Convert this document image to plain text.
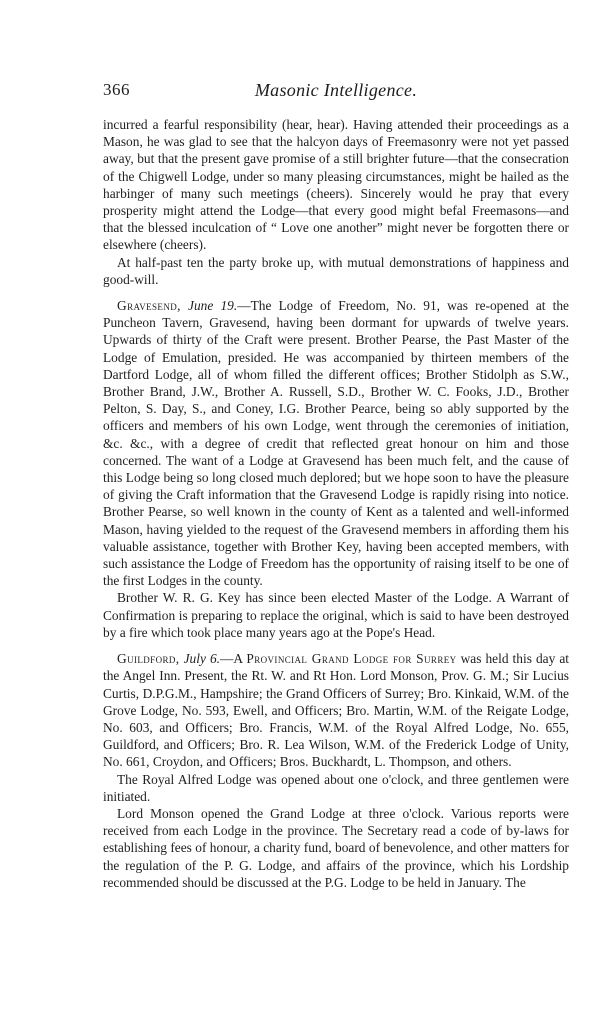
366	Masonic Intelligence.

incurred a fearful responsibility (hear, hear). Having attended their proceedings as a Mason, he was glad to see that the halcyon days of Freemasonry were not yet passed away, but that the present gave promise of a still brighter future—that the consecration of the Chigwell Lodge, under so many pleasing circumstances, might be hailed as the harbinger of many such meetings (cheers). Sincerely would he pray that every prosperity might attend the Lodge—that every good might befal Freemasons—and that the blessed inculcation of “ Love one another” might never be forgotten there or elsewhere (cheers).

At half-past ten the party broke up, with mutual demonstrations of happiness and good-will.

Gravesend, June 19.—The Lodge of Freedom, No. 91, was re-opened at the Puncheon Tavern, Gravesend, having been dormant for upwards of twelve years. Upwards of thirty of the Craft were present. Brother Pearse, the Past Master of the Lodge of Emulation, presided. He was accompanied by thirteen members of the Dartford Lodge, all of whom filled the different offices; Brother Stidolph as S.W., Brother Brand, J.W., Brother A. Russell, S.D., Brother W. C. Fooks, J.D., Brother Pelton, S. Day, S., and Coney, I.G. Brother Pearce, being so ably supported by the officers and members of his own Lodge, went through the ceremonies of initiation, &c. &c., with a degree of credit that reflected great honour on him and those concerned. The want of a Lodge at Gravesend has been much felt, and the cause of this Lodge being so long closed much deplored; but we hope soon to have the pleasure of giving the Craft information that the Gravesend Lodge is rapidly rising into notice. Brother Pearse, so well known in the county of Kent as a talented and well-informed Mason, having yielded to the request of the Gravesend members in affording them his valuable assistance, together with Brother Key, having been accepted members, with such assistance the Lodge of Freedom has the opportunity of raising itself to be one of the first Lodges in the county.

Brother W. R. G. Key has since been elected Master of the Lodge. A Warrant of Confirmation is preparing to replace the original, which is said to have been destroyed by a fire which took place many years ago at the Pope's Head.

Guildford, July 6.—A Provincial Grand Lodge for Surrey was held this day at the Angel Inn. Present, the Rt. W. and Rt Hon. Lord Monson, Prov. G. M.; Sir Lucius Curtis, D.P.G.M., Hampshire; the Grand Officers of Surrey; Bro. Kinkaid, W.M. of the Grove Lodge, No. 593, Ewell, and Officers; Bro. Martin, W.M. of the Reigate Lodge, No. 603, and Officers; Bro. Francis, W.M. of the Royal Alfred Lodge, No. 655, Guildford, and Officers; Bro. R. Lea Wilson, W.M. of the Frederick Lodge of Unity, No. 661, Croydon, and Officers; Bros. Buckhardt, L. Thompson, and others.

The Royal Alfred Lodge was opened about one o'clock, and three gentlemen were initiated.

Lord Monson opened the Grand Lodge at three o'clock. Various reports were received from each Lodge in the province. The Secretary read a code of by-laws for establishing fees of honour, a charity fund, board of benevolence, and other matters for the regulation of the P. G. Lodge, and affairs of the province, which his Lordship recommended should be discussed at the P.G. Lodge to be held in January. The
